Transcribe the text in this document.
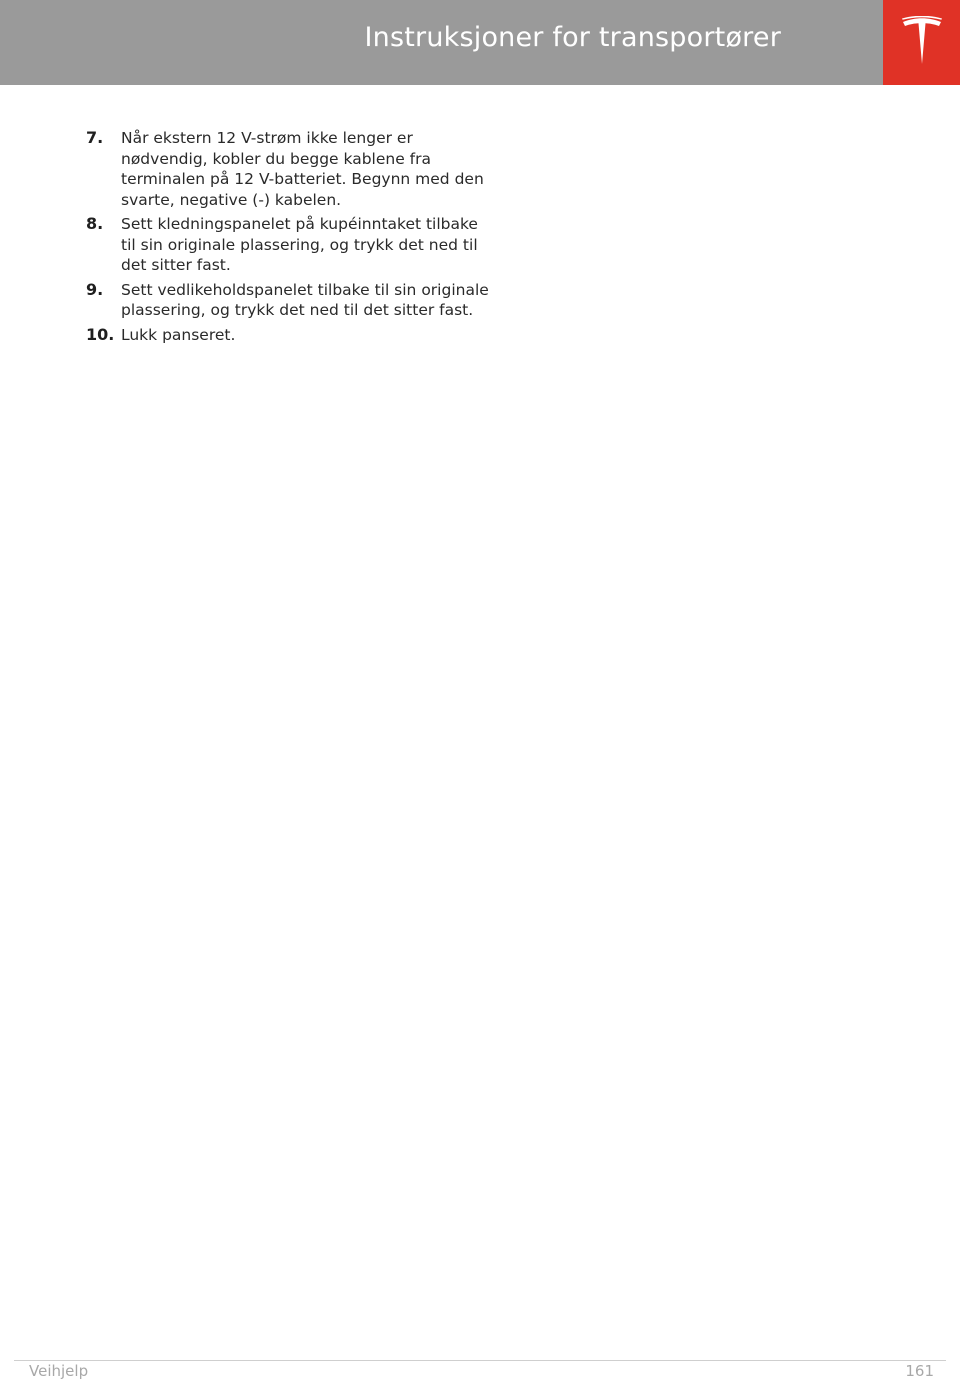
Instruksjoner for transportører
7.	Når ekstern 12 V-strøm ikke lenger er nødvendig, kobler du begge kablene fra terminalen på 12 V-batteriet. Begynn med den svarte, negative (-) kabelen.
8.	Sett kledningspanelet på kupéinntaket tilbake til sin originale plassering, og trykk det ned til det sitter fast.
9.	Sett vedlikeholdspanelet tilbake til sin originale plassering, og trykk det ned til det sitter fast.
10. Lukk panseret.
Veihjelp	161
